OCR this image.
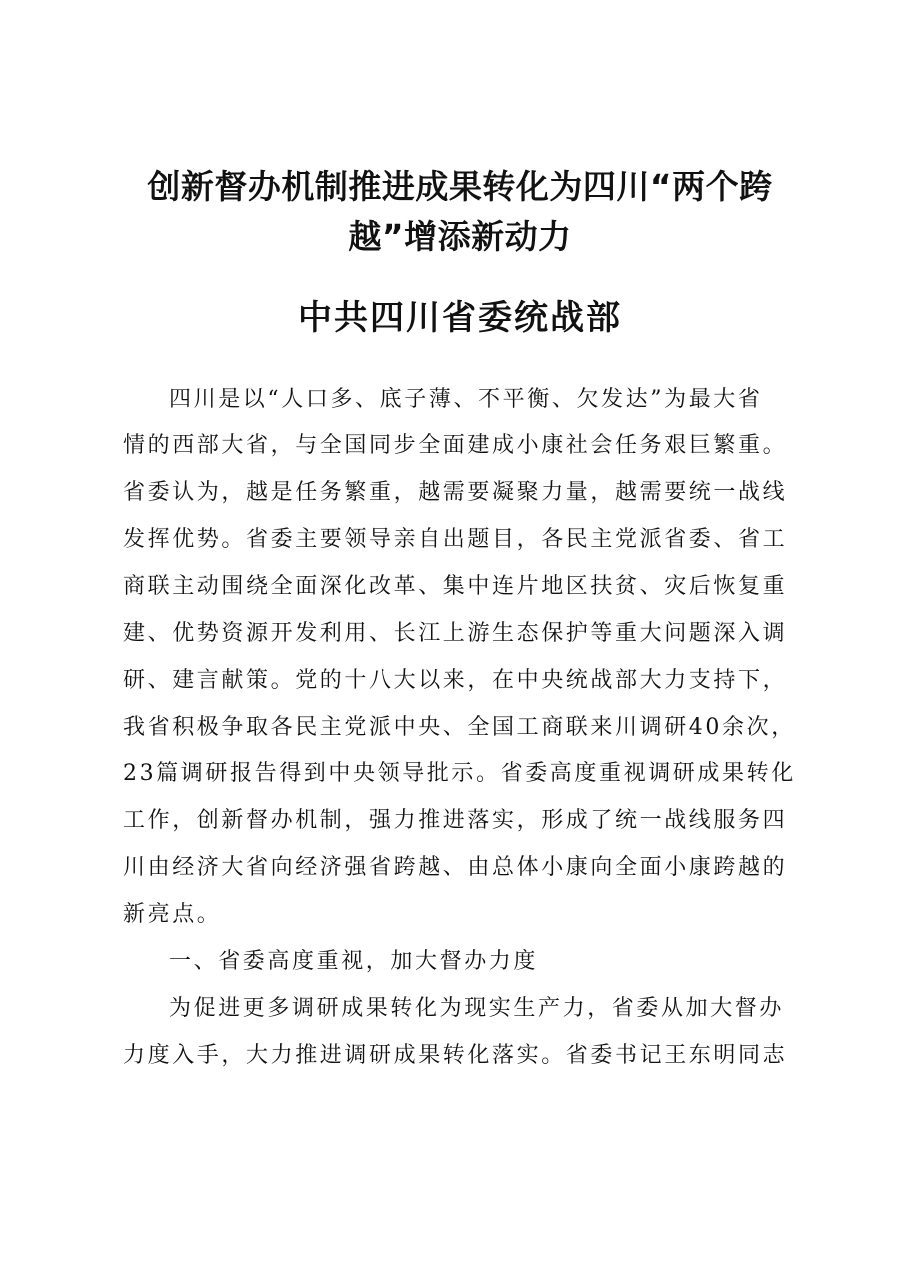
创新督办机制推进成果转化为四川“两个跨
越”增添新动力
中共四川省委统战部

四川是以“人口多、底子薄、不平衡、欠发达”为最大省

情的西部大省，与全国同步全面建成小康社会任务艰巨繁重。

省委认为，越是任务繁重，越需要凝聚力量，越需要统一战线

发挥优势。省委主要领导亲自出题目，各民主党派省委、省工

商联主动围绕全面深化改革、集中连片地区扶贫、灾后恢复重

建、优势资源开发利用、长江上游生态保护等重大问题深入调

研、建言献策。党的十八大以来，在中央统战部大力支持下，

我省积极争取各民主党派中央、全国工商联来川调研40余次，

23篇调研报告得到中央领导批示。省委高度重视调研成果转化

工作，创新督办机制，强力推进落实，形成了统一战线服务四

川由经济大省向经济强省跨越、由总体小康向全面小康跨越的

新亮点。

一、省委高度重视，加大督办力度

为促进更多调研成果转化为现实生产力，省委从加大督办

力度入手，大力推进调研成果转化落实。省委书记王东明同志
